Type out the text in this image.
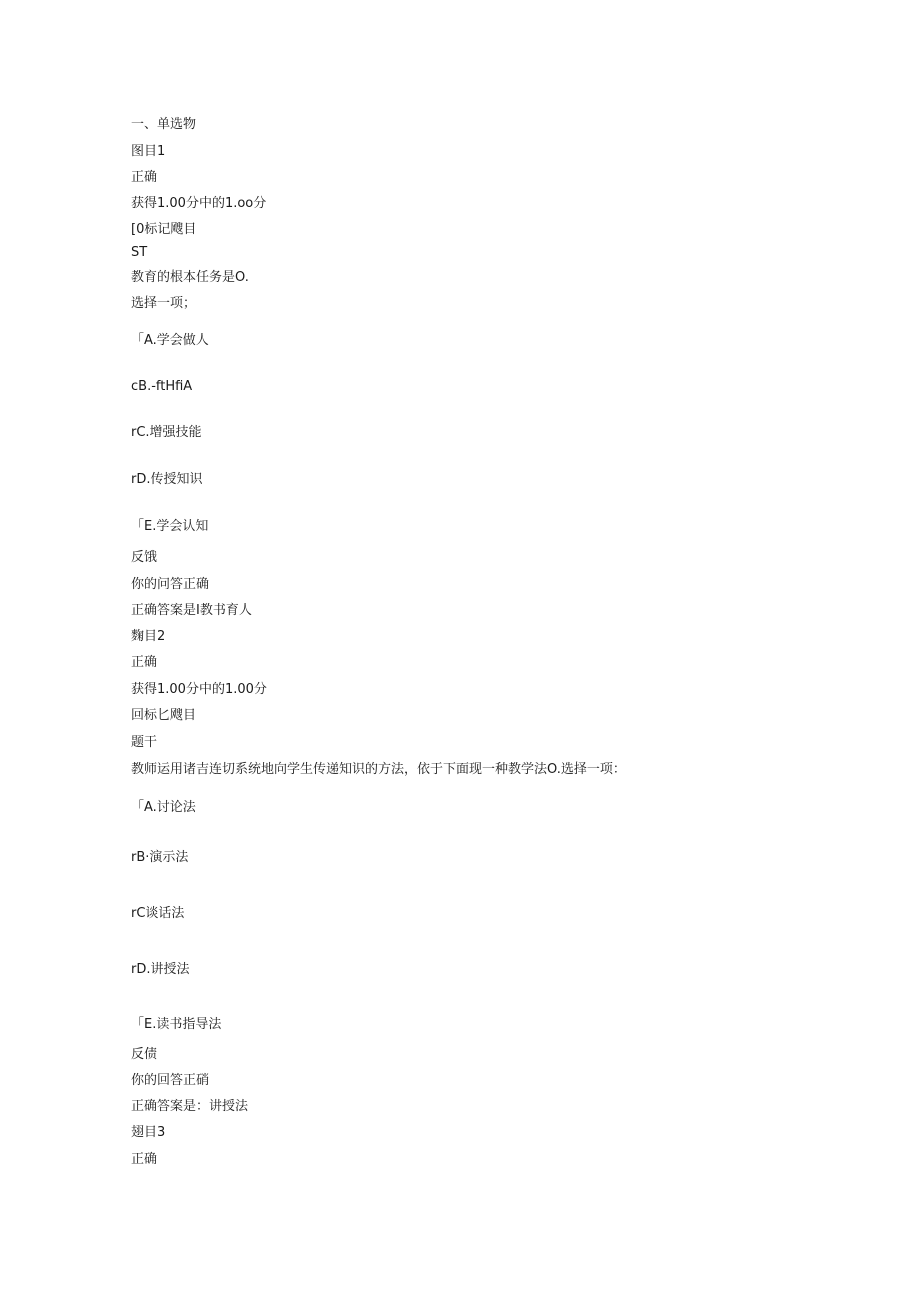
一、单选物
图目1
正确
获得1.00分中的1.oo分
[0标记飕目
ST
教育的根本任务是O.
选择一项；
「A.学会做人
cB.-ftHfiA
rC.增强技能
rD.传授知识
「E.学会认知
反饿
你的问答正确
正确答案是I教书育人
麴目2
正确
获得1.00分中的1.00分
回标匕飕目
题干
教师运用诸吉连切系统地向学生传递知识的方法，依于下面现一种教学法O.选择一项：
「A.讨论法
rB·演示法
rC谈话法
rD.讲授法
「E.读书指导法
反债
你的回答正硝
正确答案是：讲授法
翅目3
正确
